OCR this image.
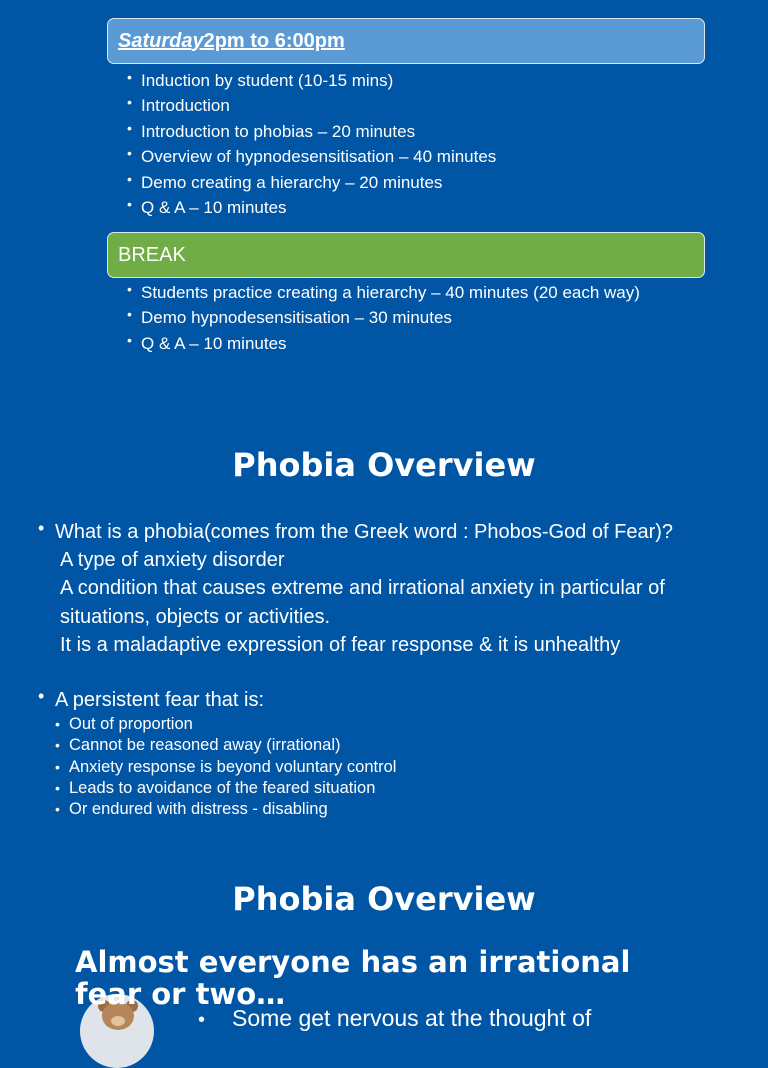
Saturday 2pm to 6:00pm
• Induction by student (10-15 mins)
• Introduction
• Introduction to phobias – 20 minutes
• Overview of hypnodesensitisation – 40 minutes
• Demo creating a hierarchy – 20 minutes
• Q & A – 10 minutes
BREAK
• Students practice creating a hierarchy – 40 minutes (20 each way)
• Demo hypnodesensitisation – 30 minutes
• Q & A – 10 minutes
Phobia Overview
• What is a phobia(comes from the Greek word : Phobos-God of Fear)?
A type of anxiety disorder
A condition that causes extreme and irrational anxiety in particular of
situations, objects or activities.
It is a maladaptive expression of fear response & it is unhealthy
• A persistent fear that is:
• Out of proportion
• Cannot be reasoned away (irrational)
• Anxiety response is beyond voluntary control
• Leads to avoidance of the feared situation
• Or endured with distress - disabling
Phobia Overview
Almost everyone has an irrational
fear or two…
• Some get nervous at the thought of
